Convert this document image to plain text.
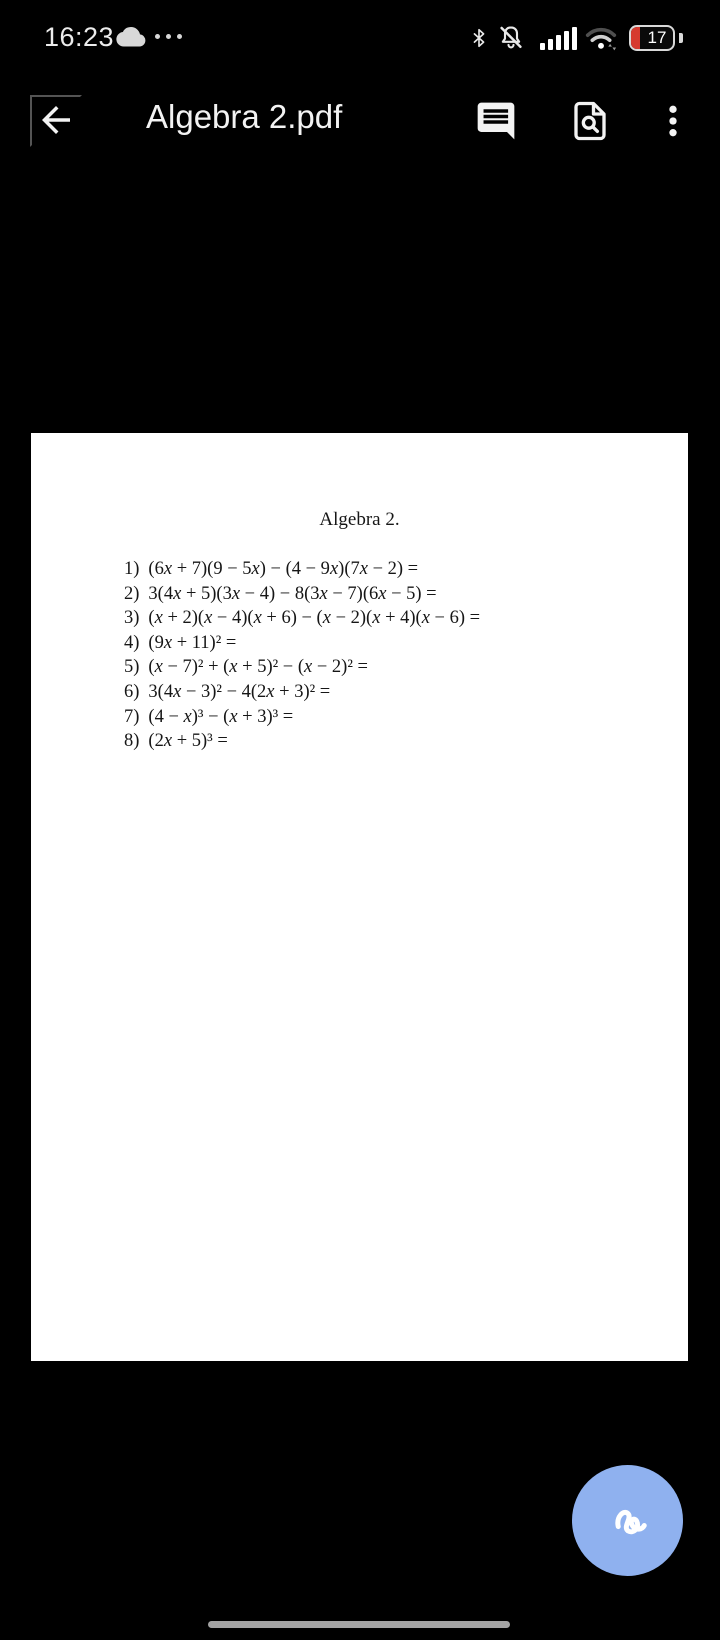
16:23	17
Algebra 2.pdf
Algebra 2.
1) (6x + 7)(9 − 5x) − (4 − 9x)(7x − 2) =
2) 3(4x + 5)(3x − 4) − 8(3x − 7)(6x − 5) =
3) (x + 2)(x − 4)(x + 6) − (x − 2)(x + 4)(x − 6) =
4) (9x + 11)² =
5) (x − 7)² + (x + 5)² − (x − 2)² =
6) 3(4x − 3)² − 4(2x + 3)² =
7) (4 − x)³ − (x + 3)³ =
8) (2x + 5)³ =
